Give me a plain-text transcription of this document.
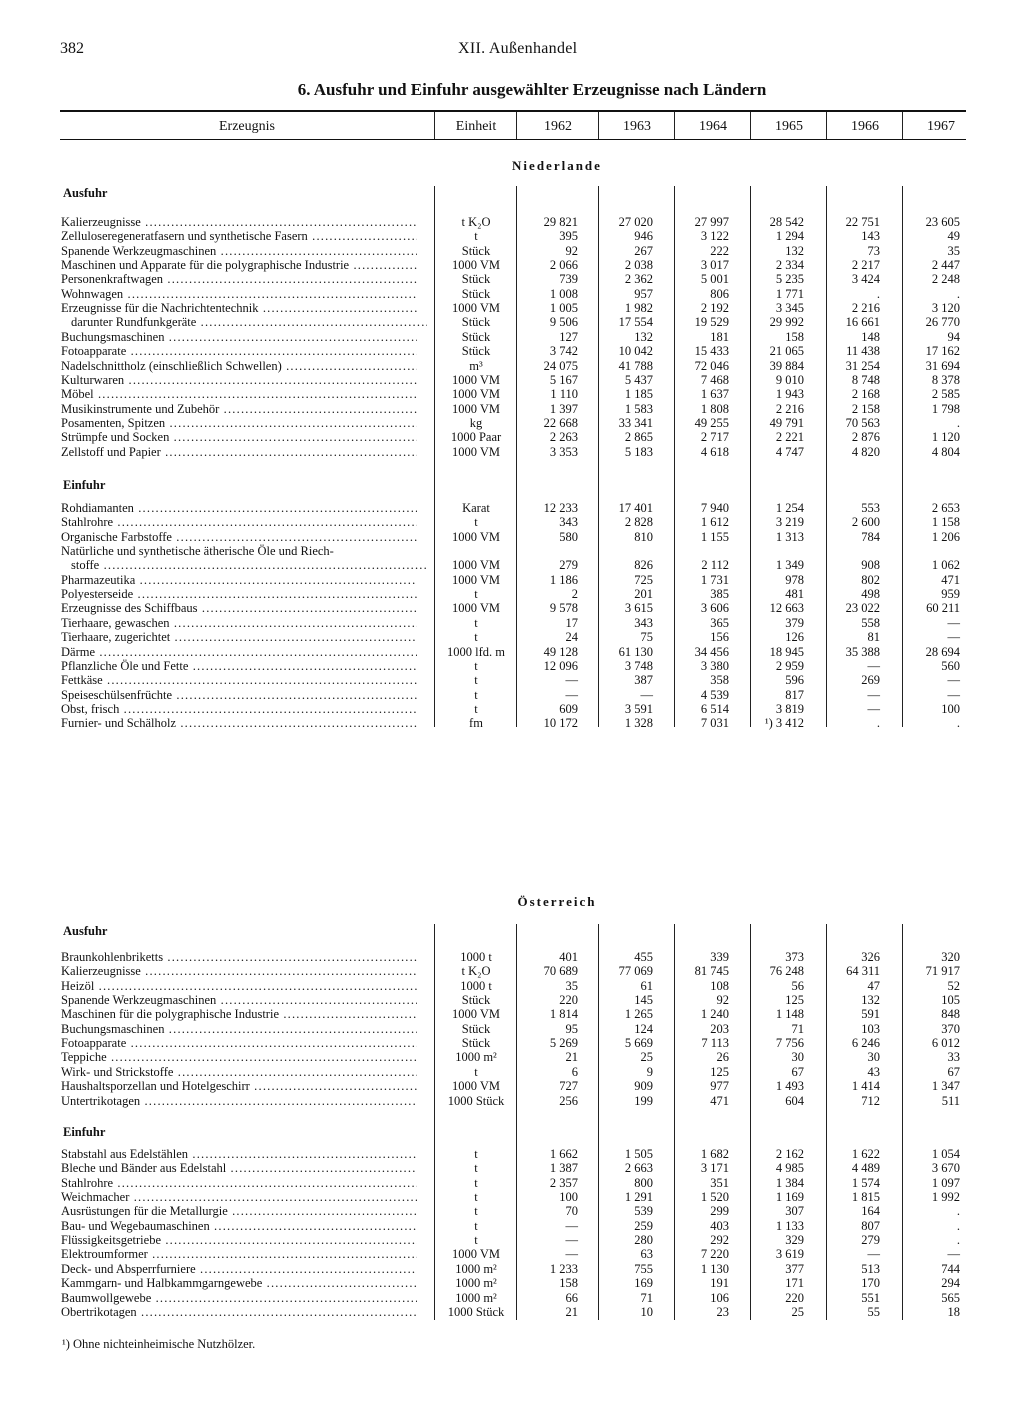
382	XII. Außenhandel
6. Ausfuhr und Einfuhr ausgewählter Erzeugnisse nach Ländern
Erzeugnis	Einheit	1962	1963	1964	1965	1966	1967
Niederlande
Ausfuhr
Kalierzeugnisse .....	t K₂O	29 821	27 020	27 997	28 542	22 751	23 605
Zelluloseregeneratfasern und synthetische Fasern .....	t	395	946	3 122	1 294	143	49
Spanende Werkzeugmaschinen .....	Stück	92	267	222	132	73	35
Maschinen und Apparate für die polygraphische Industrie .....	1000 VM	2 066	2 038	3 017	2 334	2 217	2 447
Personenkraftwagen .....	Stück	739	2 362	5 001	5 235	3 424	2 248
Wohnwagen .....	Stück	1 008	957	806	1 771	.	.
Erzeugnisse für die Nachrichtentechnik .....	1000 VM	1 005	1 982	2 192	3 345	2 216	3 120
darunter Rundfunkgeräte .....	Stück	9 506	17 554	19 529	29 992	16 661	26 770
Buchungsmaschinen .....	Stück	127	132	181	158	148	94
Fotoapparate .....	Stück	3 742	10 042	15 433	21 065	11 438	17 162
Nadelschnittholz (einschließlich Schwellen) .....	m³	24 075	41 788	72 046	39 884	31 254	31 694
Kulturwaren .....	1000 VM	5 167	5 437	7 468	9 010	8 748	8 378
Möbel .....	1000 VM	1 110	1 185	1 637	1 943	2 168	2 585
Musikinstrumente und Zubehör .....	1000 VM	1 397	1 583	1 808	2 216	2 158	1 798
Posamenten, Spitzen .....	kg	22 668	33 341	49 255	49 791	70 563	.
Strümpfe und Socken .....	1000 Paar	2 263	2 865	2 717	2 221	2 876	1 120
Zellstoff und Papier .....	1000 VM	3 353	5 183	4 618	4 747	4 820	4 804
Einfuhr
Rohdiamanten .....	Karat	12 233	17 401	7 940	1 254	553	2 653
Stahlrohre .....	t	343	2 828	1 612	3 219	2 600	1 158
Organische Farbstoffe .....	1000 VM	580	810	1 155	1 313	784	1 206
Natürliche und synthetische ätherische Öle und Riech-
stoffe .....	1000 VM	279	826	2 112	1 349	908	1 062
Pharmazeutika .....	1000 VM	1 186	725	1 731	978	802	471
Polyesterseide .....	t	2	201	385	481	498	959
Erzeugnisse des Schiffbaus .....	1000 VM	9 578	3 615	3 606	12 663	23 022	60 211
Tierhaare, gewaschen .....	t	17	343	365	379	558	—
Tierhaare, zugerichtet .....	t	24	75	156	126	81	—
Därme .....	1000 lfd. m	49 128	61 130	34 456	18 945	35 388	28 694
Pflanzliche Öle und Fette .....	t	12 096	3 748	3 380	2 959	—	560
Fettkäse .....	t	—	387	358	596	269	—
Speiseschülsenfrüchte .....	t	—	—	4 539	817	—	—
Obst, frisch .....	t	609	3 591	6 514	3 819	—	100
Furnier- und Schälholz .....	fm	10 172	1 328	7 031	¹) 3 412	.	.
Österreich
Ausfuhr
Braunkohlenbriketts .....	1000 t	401	455	339	373	326	320
Kalierzeugnisse .....	t K₂O	70 689	77 069	81 745	76 248	64 311	71 917
Heizöl .....	1000 t	35	61	108	56	47	52
Spanende Werkzeugmaschinen .....	Stück	220	145	92	125	132	105
Maschinen für die polygraphische Industrie .....	1000 VM	1 814	1 265	1 240	1 148	591	848
Buchungsmaschinen .....	Stück	95	124	203	71	103	370
Fotoapparate .....	Stück	5 269	5 669	7 113	7 756	6 246	6 012
Teppiche .....	1000 m²	21	25	26	30	30	33
Wirk- und Strickstoffe .....	t	6	9	125	67	43	67
Haushaltsporzellan und Hotelgeschirr .....	1000 VM	727	909	977	1 493	1 414	1 347
Untertrikotagen .....	1000 Stück	256	199	471	604	712	511
Einfuhr
Stabstahl aus Edelstählen .....	t	1 662	1 505	1 682	2 162	1 622	1 054
Bleche und Bänder aus Edelstahl .....	t	1 387	2 663	3 171	4 985	4 489	3 670
Stahlrohre .....	t	2 357	800	351	1 384	1 574	1 097
Weichmacher .....	t	100	1 291	1 520	1 169	1 815	1 992
Ausrüstungen für die Metallurgie .....	t	70	539	299	307	164	.
Bau- und Wegebaumaschinen .....	t	—	259	403	1 133	807	.
Flüssigkeitsgetriebe .....	t	—	280	292	329	279	.
Elektroumformer .....	1000 VM	—	63	7 220	3 619	—	—
Deck- und Absperrfurniere .....	1000 m²	1 233	755	1 130	377	513	744
Kammgarn- und Halbkammgarngewebe .....	1000 m²	158	169	191	171	170	294
Baumwollgewebe .....	1000 m²	66	71	106	220	551	565
Obertrikotagen .....	1000 Stück	21	10	23	25	55	18
¹) Ohne nichteinheimische Nutzhölzer.
